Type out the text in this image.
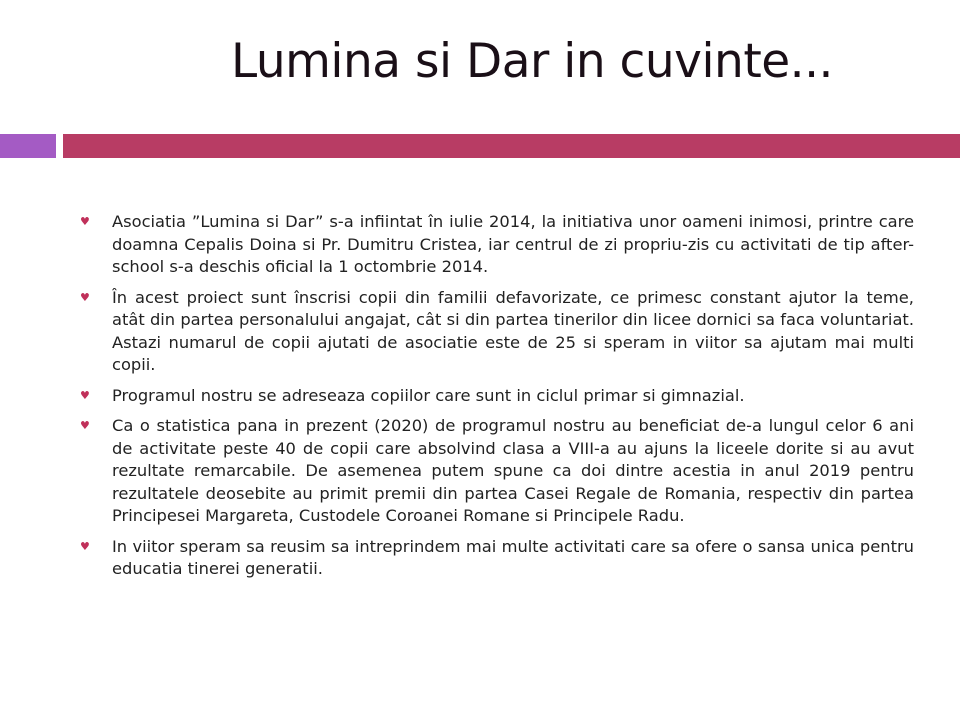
Lumina si Dar in cuvinte...
♥ Asociatia ”Lumina si Dar” s-a infiintat în iulie 2014, la initiativa unor oameni inimosi, printre care doamna Cepalis Doina si Pr. Dumitru Cristea, iar centrul de zi propriu-zis cu activitati de tip after-school s-a deschis oficial la 1 octombrie 2014.
♥ În acest proiect sunt înscrisi copii din familii defavorizate, ce primesc constant ajutor la teme, atât din partea personalului angajat, cât si din partea tinerilor din licee dornici sa faca voluntariat. Astazi numarul de copii ajutati de asociatie este de 25 si speram in viitor sa ajutam mai multi copii.
♥ Programul nostru se adreseaza copiilor care sunt in ciclul primar si gimnazial.
♥ Ca o statistica pana in prezent (2020) de programul nostru au beneficiat de-a lungul celor 6 ani de activitate peste 40 de copii care absolvind clasa a VIII-a au ajuns la liceele dorite si au avut rezultate remarcabile. De asemenea putem spune ca doi dintre acestia in anul 2019 pentru rezultatele deosebite au primit premii din partea Casei Regale de Romania, respectiv din partea Principesei Margareta, Custodele Coroanei Romane si Principele Radu.
♥ In viitor speram sa reusim sa intreprindem mai multe activitati care sa ofere o sansa unica pentru educatia tinerei generatii.
